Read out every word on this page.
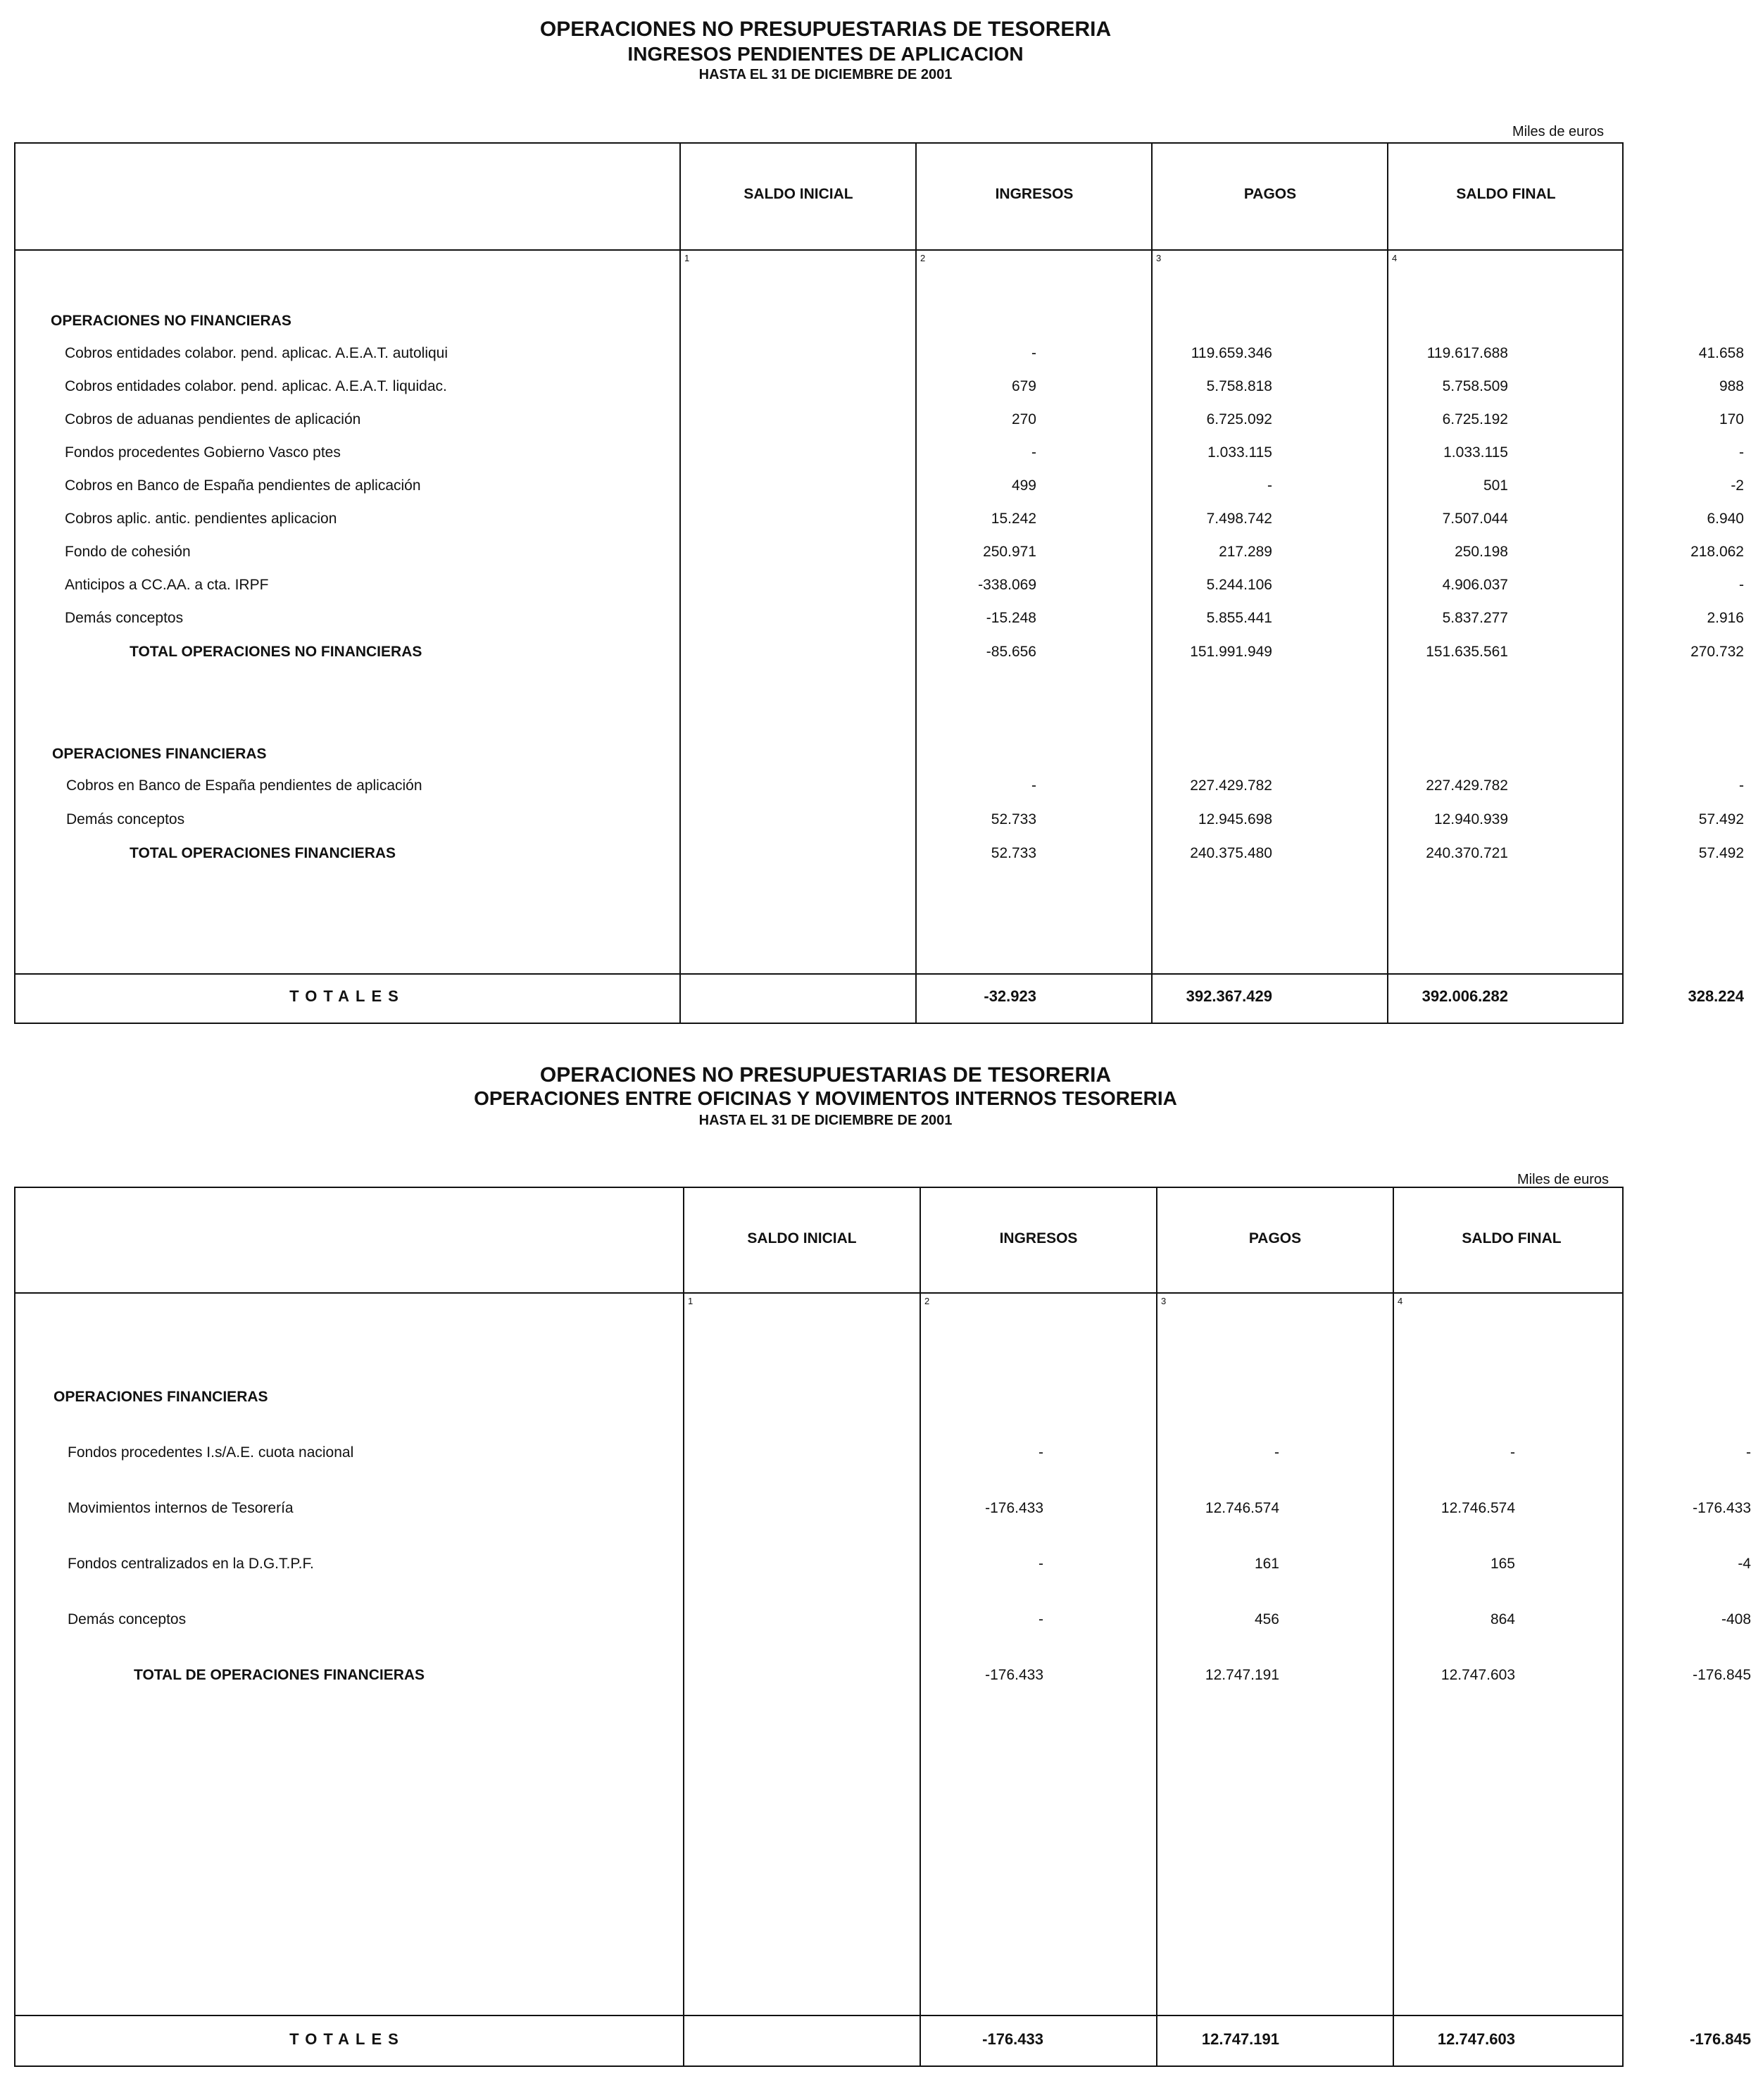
OPERACIONES NO PRESUPUESTARIAS DE TESORERIA
INGRESOS PENDIENTES DE APLICACION
HASTA EL 31 DE DICIEMBRE DE 2001
Miles de euros
SALDO INICIAL	INGRESOS	PAGOS	SALDO FINAL
1	2	3	4
OPERACIONES NO FINANCIERAS
Cobros entidades colabor. pend. aplicac. A.E.A.T. autoliqui	-	119.659.346	119.617.688	41.658
Cobros entidades colabor. pend. aplicac. A.E.A.T. liquidac.	679	5.758.818	5.758.509	988
Cobros de aduanas pendientes de aplicación	270	6.725.092	6.725.192	170
Fondos procedentes Gobierno Vasco ptes	-	1.033.115	1.033.115	-
Cobros en Banco de España pendientes de aplicación	499	-	501	-2
Cobros aplic. antic. pendientes aplicacion	15.242	7.498.742	7.507.044	6.940
Fondo de cohesión	250.971	217.289	250.198	218.062
Anticipos a CC.AA. a cta. IRPF	-338.069	5.244.106	4.906.037	-
Demás conceptos	-15.248	5.855.441	5.837.277	2.916
TOTAL OPERACIONES NO FINANCIERAS	-85.656	151.991.949	151.635.561	270.732
OPERACIONES FINANCIERAS
Cobros en Banco de España pendientes de aplicación	-	227.429.782	227.429.782	-
Demás conceptos	52.733	12.945.698	12.940.939	57.492
TOTAL OPERACIONES FINANCIERAS	52.733	240.375.480	240.370.721	57.492
TOTALES	-32.923	392.367.429	392.006.282	328.224
OPERACIONES NO PRESUPUESTARIAS DE TESORERIA
OPERACIONES ENTRE OFICINAS Y MOVIMENTOS INTERNOS TESORERIA
HASTA EL 31 DE DICIEMBRE DE 2001
Miles de euros
SALDO INICIAL	INGRESOS	PAGOS	SALDO FINAL
1	2	3	4
OPERACIONES FINANCIERAS
Fondos procedentes I.s/A.E. cuota nacional	-	-	-	-
Movimientos internos de Tesorería	-176.433	12.746.574	12.746.574	-176.433
Fondos centralizados en la D.G.T.P.F.	-	161	165	-4
Demás conceptos	-	456	864	-408
TOTAL DE OPERACIONES FINANCIERAS	-176.433	12.747.191	12.747.603	-176.845
TOTALES	-176.433	12.747.191	12.747.603	-176.845
